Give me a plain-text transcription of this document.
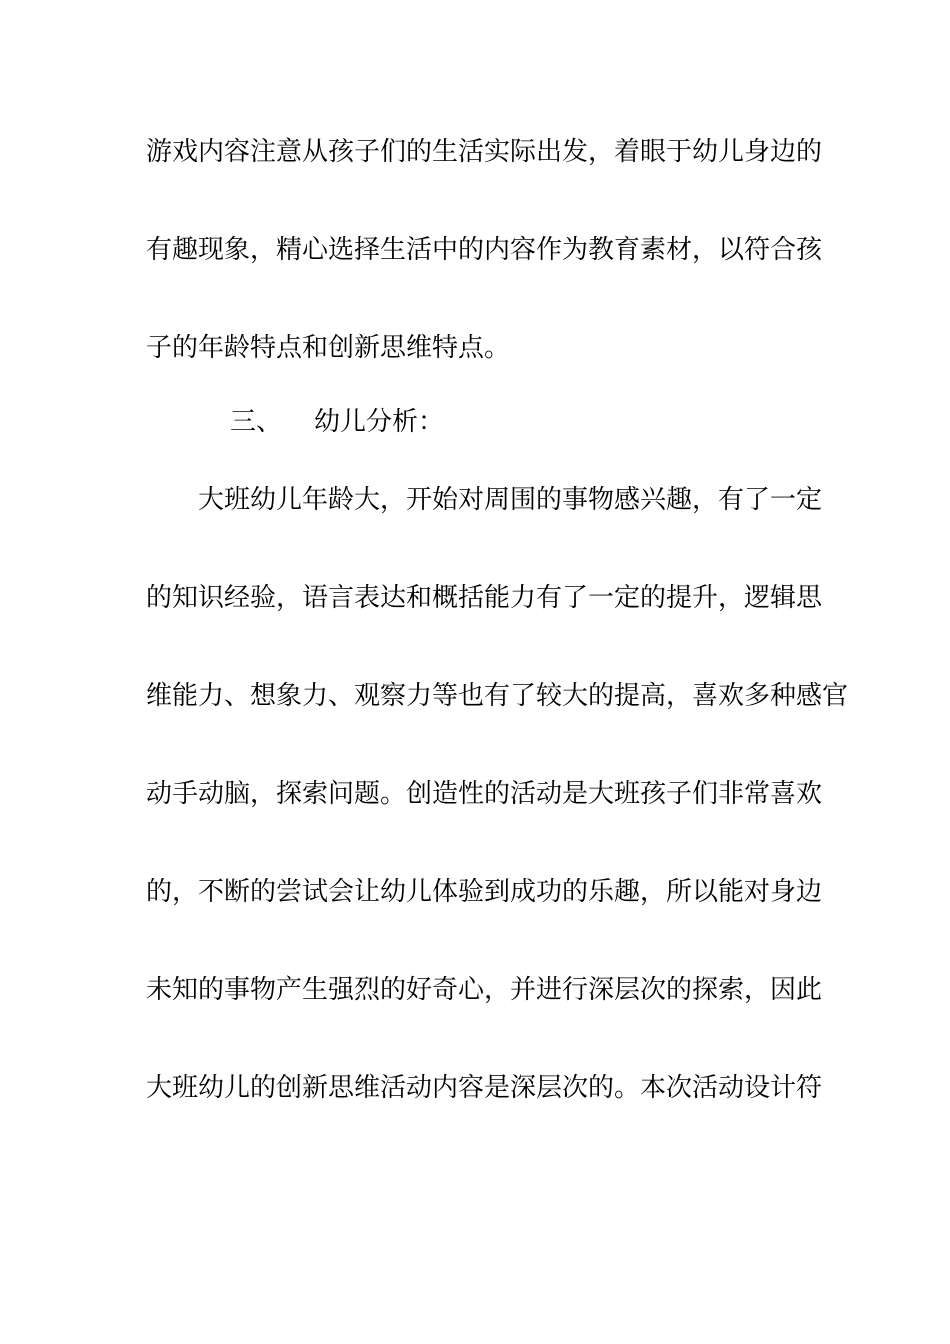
游戏内容注意从孩子们的生活实际出发，着眼于幼儿身边的
有趣现象，精心选择生活中的内容作为教育素材，以符合孩
子的年龄特点和创新思维特点。
三、 幼儿分析：
大班幼儿年龄大，开始对周围的事物感兴趣，有了一定
的知识经验，语言表达和概括能力有了一定的提升，逻辑思
维能力、想象力、观察力等也有了较大的提高，喜欢多种感官
动手动脑，探索问题。创造性的活动是大班孩子们非常喜欢
的，不断的尝试会让幼儿体验到成功的乐趣，所以能对身边
未知的事物产生强烈的好奇心，并进行深层次的探索，因此
大班幼儿的创新思维活动内容是深层次的。本次活动设计符
